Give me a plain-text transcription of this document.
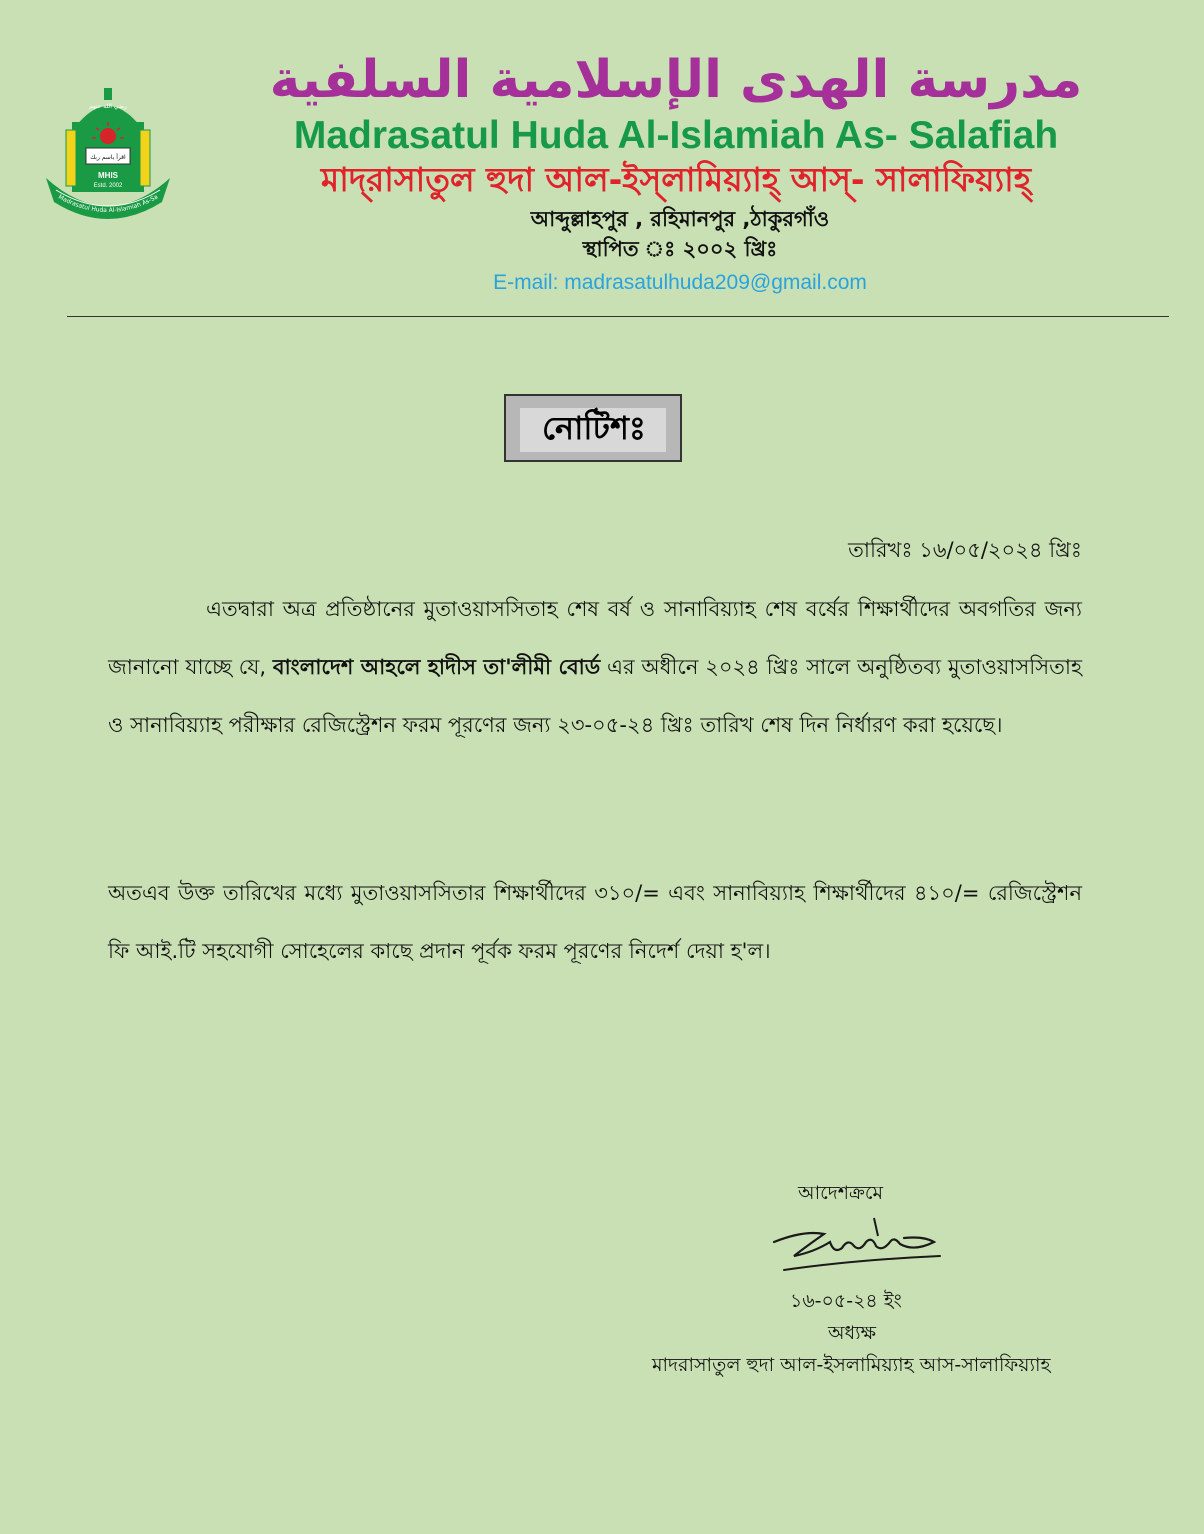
Madrasatul Huda Al-Islamiah As-Sa
رضي الله عنهم
اقرأ باسم ربك
MHIS
Estd. 2002
مدرسة الهدى الإسلامية السلفية
Madrasatul Huda Al-Islamiah As- Salafiah
মাদ্‌রাসাতুল হুদা আল-ইস্‌লামিয়্যাহ্‌ আস্‌- সালাফিয়্যাহ্‌
আব্দুল্লাহপুর , রহিমানপুর ,ঠাকুরগাঁও
স্থাপিত ঃ ২০০২ খ্রিঃ
E-mail: madrasatulhuda209@gmail.com
নোটিশঃ
তারিখঃ ১৬/০৫/২০২৪ খ্রিঃ
এতদ্বারা অত্র প্রতিষ্ঠানের মুতাওয়াসসিতাহ শেষ বর্ষ ও সানাবিয়্যাহ শেষ বর্ষের শিক্ষার্থীদের অবগতির জন্য জানানো যাচ্ছে যে, বাংলাদেশ আহলে হাদীস তা'লীমী বোর্ড এর অধীনে ২০২৪ খ্রিঃ সালে অনুষ্ঠিতব্য মুতাওয়াসসিতাহ ও সানাবিয়্যাহ পরীক্ষার রেজিস্ট্রেশন ফরম পূরণের জন্য ২৩-০৫-২৪ খ্রিঃ তারিখ শেষ দিন নির্ধারণ করা হয়েছে।
অতএব উক্ত তারিখের মধ্যে মুতাওয়াসসিতার শিক্ষার্থীদের ৩১০/= এবং সানাবিয়্যাহ শিক্ষার্থীদের ৪১০/= রেজিস্ট্রেশন ফি আই.টি সহযোগী সোহেলের কাছে প্রদান পূর্বক ফরম পূরণের নিদের্শ দেয়া হ'ল।
আদেশক্রমে
১৬-০৫-২৪ ইং
অধ্যক্ষ
মাদরাসাতুল হুদা আল-ইসলামিয়্যাহ আস-সালাফিয়্যাহ
